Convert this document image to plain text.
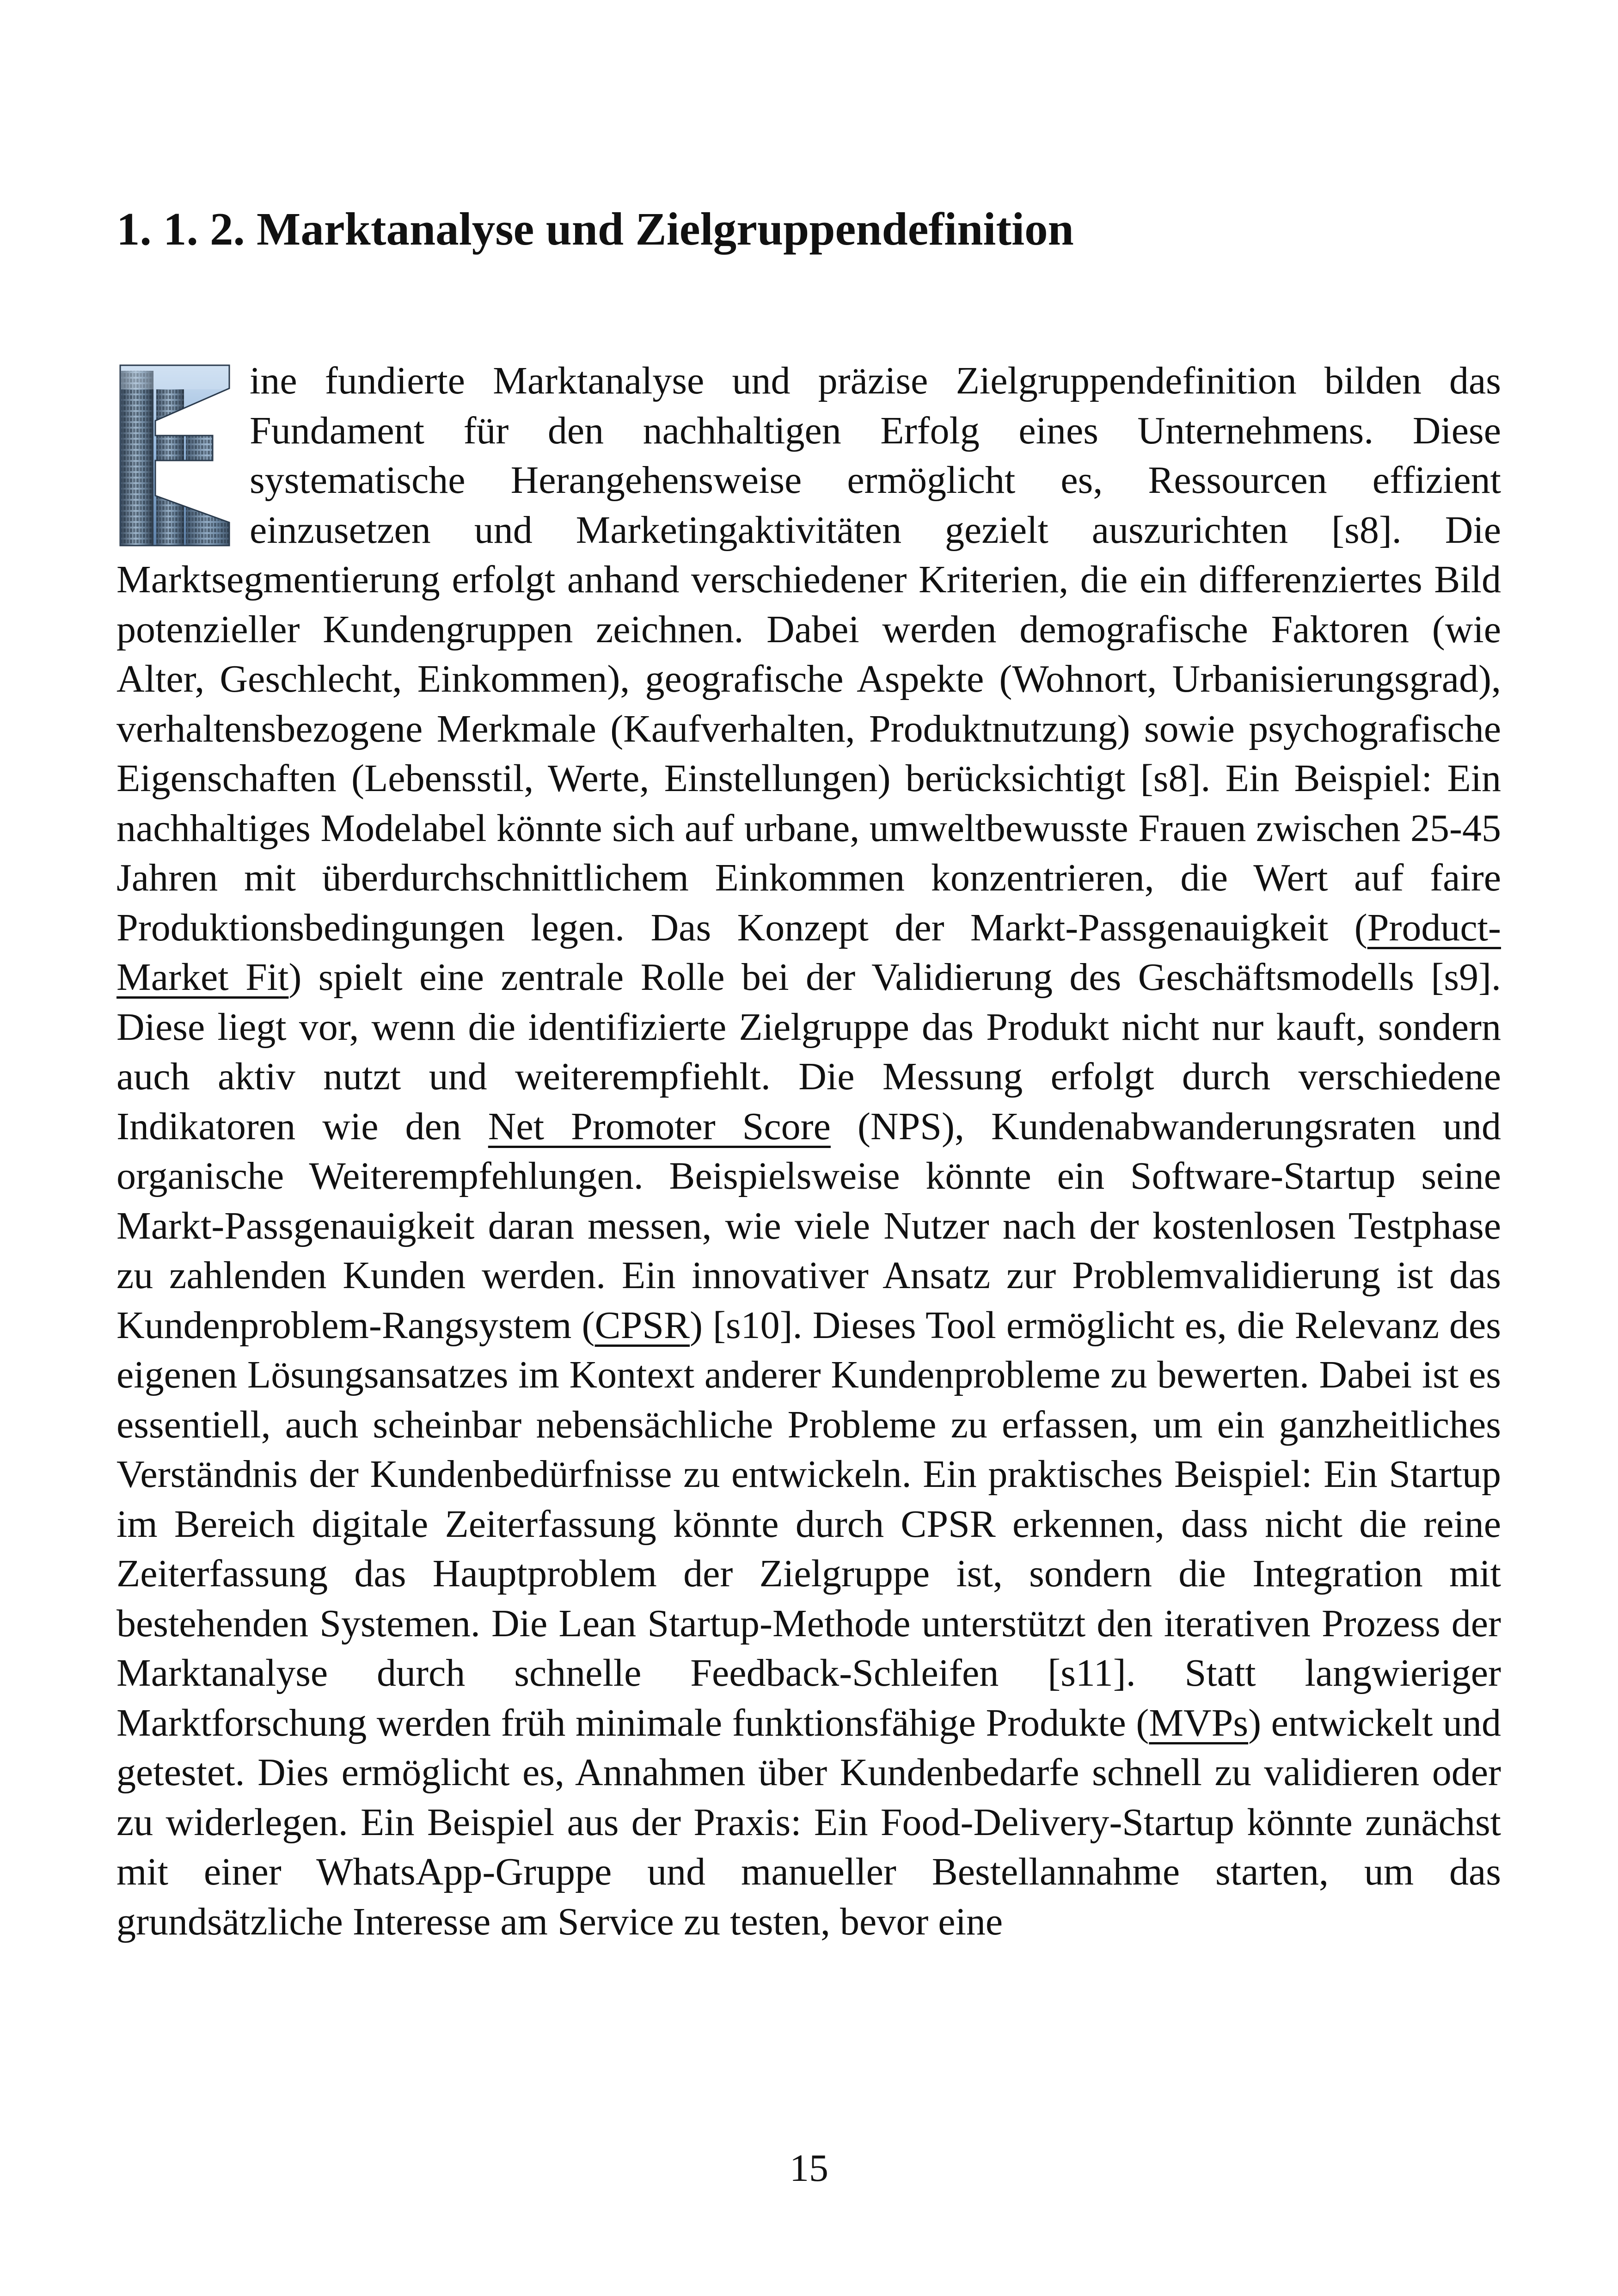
1. 1. 2. Marktanalyse und Zielgruppendefinition

ine fundierte Marktanalyse und präzise Zielgruppendefinition bilden das Fundament für den nachhaltigen Erfolg eines Unternehmens. Diese systematische Herangehensweise ermöglicht es, Ressourcen effizient einzusetzen und Marketingaktivitäten gezielt auszurichten [s8]. Die Marktsegmentierung erfolgt anhand verschiedener Kriterien, die ein differenziertes Bild potenzieller Kundengruppen zeichnen. Dabei werden demografische Faktoren (wie Alter, Geschlecht, Einkommen), geografische Aspekte (Wohnort, Urbanisierungsgrad), verhaltensbezogene Merkmale (Kaufverhalten, Produktnutzung) sowie psychografische Eigenschaften (Lebensstil, Werte, Einstellungen) berücksichtigt [s8]. Ein Beispiel: Ein nachhaltiges Modelabel könnte sich auf urbane, umweltbewusste Frauen zwischen 25-45 Jahren mit überdurchschnittlichem Einkommen konzentrieren, die Wert auf faire Produktionsbedingungen legen. Das Konzept der Markt-Passgenauigkeit (Product-Market Fit) spielt eine zentrale Rolle bei der Validierung des Geschäftsmodells [s9]. Diese liegt vor, wenn die identifizierte Zielgruppe das Produkt nicht nur kauft, sondern auch aktiv nutzt und weiterempfiehlt. Die Messung erfolgt durch verschiedene Indikatoren wie den Net Promoter Score (NPS), Kundenabwanderungsraten und organische Weiterempfehlungen. Beispielsweise könnte ein Software-Startup seine Markt-Passgenauigkeit daran messen, wie viele Nutzer nach der kostenlosen Testphase zu zahlenden Kunden werden. Ein innovativer Ansatz zur Problemvalidierung ist das Kundenproblem-Rangsystem (CPSR) [s10]. Dieses Tool ermöglicht es, die Relevanz des eigenen Lösungsansatzes im Kontext anderer Kundenprobleme zu bewerten. Dabei ist es essentiell, auch scheinbar nebensächliche Probleme zu erfassen, um ein ganzheitliches Verständnis der Kundenbedürfnisse zu entwickeln. Ein praktisches Beispiel: Ein Startup im Bereich digitale Zeiterfassung könnte durch CPSR erkennen, dass nicht die reine Zeiterfassung das Hauptproblem der Zielgruppe ist, sondern die Integration mit bestehenden Systemen. Die Lean Startup-Methode unterstützt den iterativen Prozess der Marktanalyse durch schnelle Feedback-Schleifen [s11]. Statt langwieriger Marktforschung werden früh minimale funktionsfähige Produkte (MVPs) entwickelt und getestet. Dies ermöglicht es, Annahmen über Kundenbedarfe schnell zu validieren oder zu widerlegen. Ein Beispiel aus der Praxis: Ein Food-Delivery-Startup könnte zunächst mit einer WhatsApp-Gruppe und manueller Bestellannahme starten, um das grundsätzliche Interesse am Service zu testen, bevor eine

15
